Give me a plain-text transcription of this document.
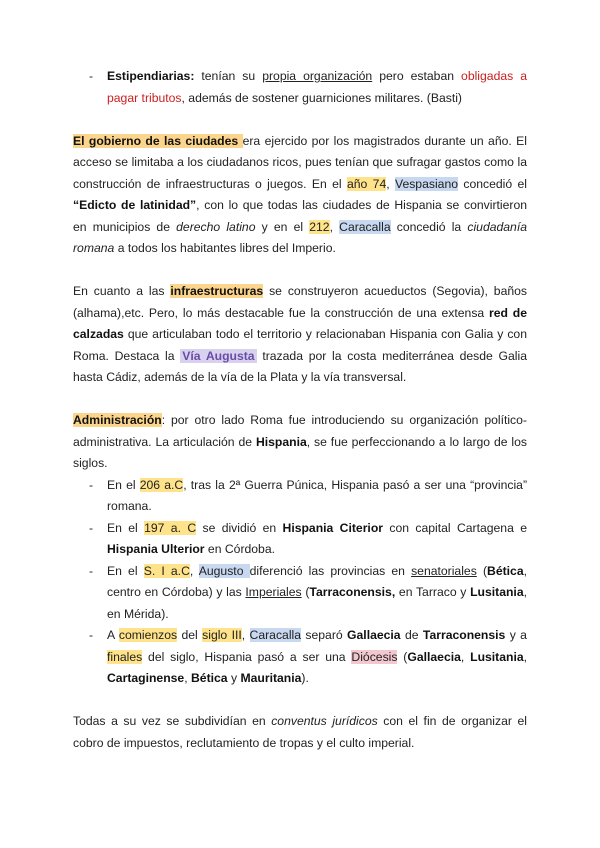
- Estipendiarias: tenían su propia organización pero estaban obligadas a pagar tributos, además de sostener guarniciones militares. (Basti)

El gobierno de las ciudades era ejercido por los magistrados durante un año. El acceso se limitaba a los ciudadanos ricos, pues tenían que sufragar gastos como la construcción de infraestructuras o juegos. En el año 74, Vespasiano concedió el “Edicto de latinidad”, con lo que todas las ciudades de Hispania se convirtieron en municipios de derecho latino y en el 212, Caracalla concedió la ciudadanía romana a todos los habitantes libres del Imperio.

En cuanto a las infraestructuras se construyeron acueductos (Segovia), baños (alhama),etc. Pero, lo más destacable fue la construcción de una extensa red de calzadas que articulaban todo el territorio y relacionaban Hispania con Galia y con Roma. Destaca la Vía Augusta trazada por la costa mediterránea desde Galia hasta Cádiz, además de la vía de la Plata y la vía transversal.

Administración: por otro lado Roma fue introduciendo su organización político-administrativa. La articulación de Hispania, se fue perfeccionando a lo largo de los siglos.

- En el 206 a.C, tras la 2ª Guerra Púnica, Hispania pasó a ser una “provincia” romana.
- En el 197 a. C se dividió en Hispania Citerior con capital Cartagena e Hispania Ulterior en Córdoba.
- En el S. I a.C, Augusto diferenció las provincias en senatoriales (Bética, centro en Córdoba) y las Imperiales (Tarraconensis, en Tarraco y Lusitania, en Mérida).
- A comienzos del siglo III, Caracalla separó Gallaecia de Tarraconensis y a finales del siglo, Hispania pasó a ser una Diócesis (Gallaecia, Lusitania, Cartaginense, Bética y Mauritania).

Todas a su vez se subdividían en conventus jurídicos con el fin de organizar el cobro de impuestos, reclutamiento de tropas y el culto imperial.
